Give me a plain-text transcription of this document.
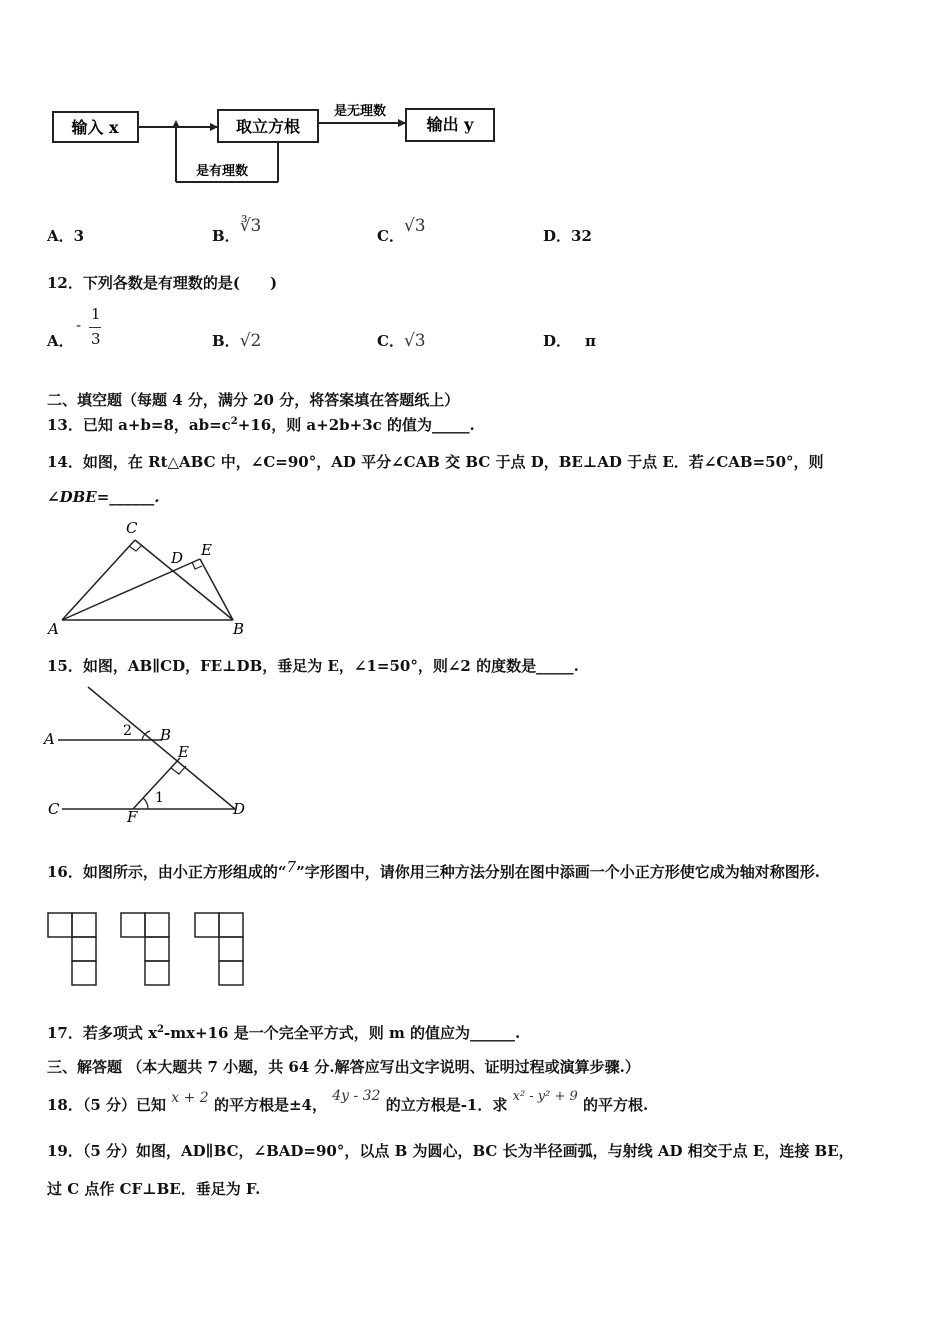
输入 x	取立方根
是无理数
输出 y
是有理数
A．3	B．∛3	C．√3	D．32
12．下列各数是有理数的是(　　)
A．
-
1
3	B．√2	C．√3	D． π
二、填空题（每题 4 分，满分 20 分，将答案填在答题纸上）
13．已知 a+b=8，$ab=c^2+16$，则 a+2b+3c 的值为_____.
14．如图，在 Rt△ABC 中，∠C=90°，AD 平分∠CAB 交 BC 于点 D，BE⊥AD 于点 E．若∠CAB=50°，则
∠DBE=______.
C
D E
A	B
15．如图，AB∥CD，FE⊥DB，垂足为 E，∠1=50°，则∠2 的度数是_____.
A	2 B
E
1
C	F	D
16．如图所示，由小正方形组成的“7”字形图中，请你用三种方法分别在图中添画一个小正方形使它成为轴对称图形.
17．若多项式 $x^2-mx+16$ 是一个完全平方式，则 m 的值应为______.
三、解答题 （本大题共 7 小题，共 64 分.解答应写出文字说明、证明过程或演算步骤.）
18．（5 分）已知 x + 2 的平方根是±4， 4y - 32 的立方根是-1．求 x² - y² + 9 的平方根.
19．（5 分）如图，AD∥BC，∠BAD=90°，以点 B 为圆心，BC 长为半径画弧，与射线 AD 相交于点 E，连接 BE，
过 C 点作 CF⊥BE．垂足为 F.
